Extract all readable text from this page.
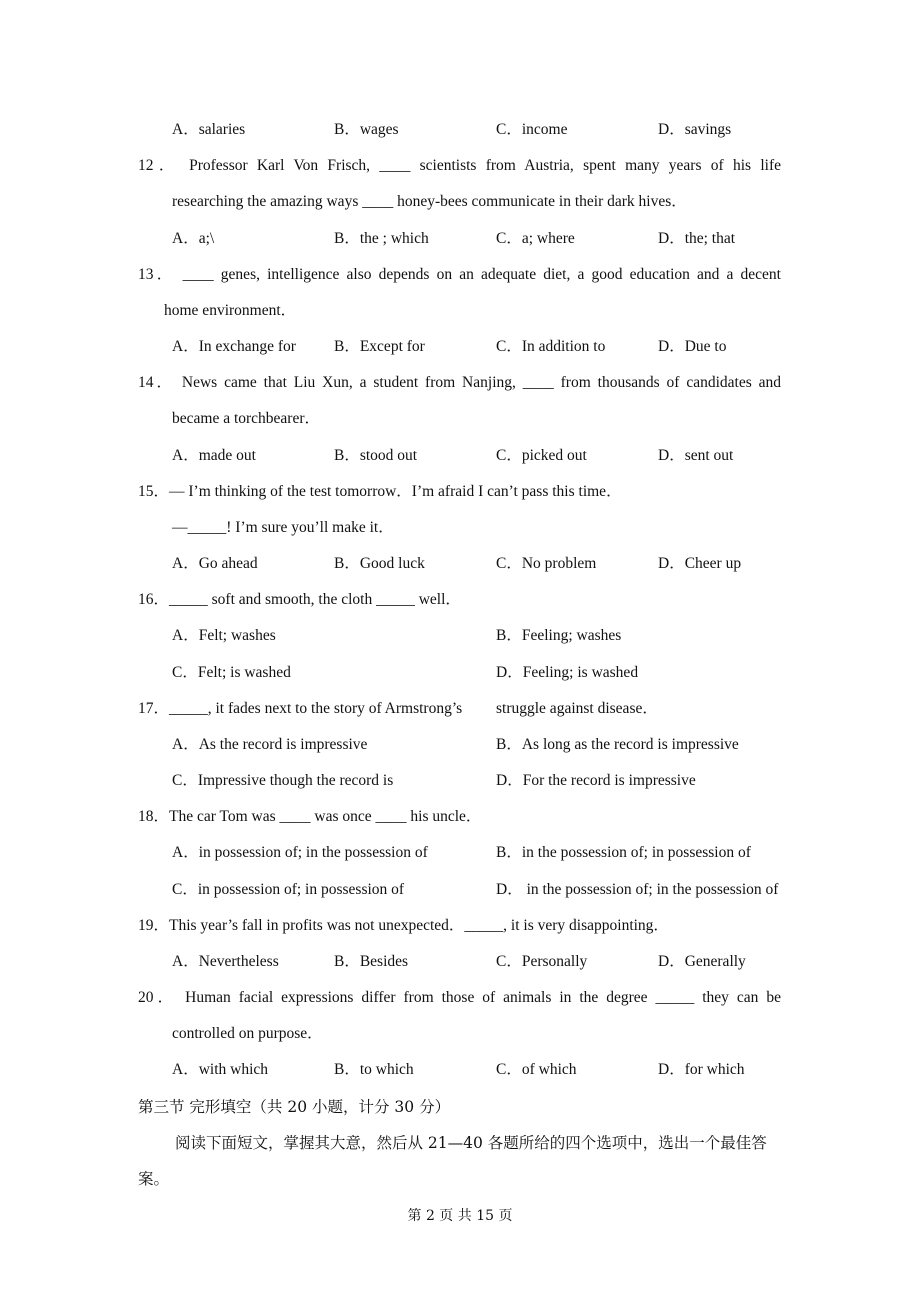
A．salaries	B．wages	C．income	D．savings
12． Professor Karl Von Frisch, ____ scientists from Austria, spent many years of his life
researching the amazing ways ____ honey-bees communicate in their dark hives．
A．a;\	B．the ; which	C．a; where	D．the; that
13． ____ genes, intelligence also depends on an adequate diet, a good education and a decent
home environment．
A．In exchange for B．Except for	C．In addition to	D．Due to
14． News came that Liu Xun, a student from Nanjing, ____ from thousands of candidates and
became a torchbearer．
A．made out	B．stood out	C．picked out	D．sent out
15．— I’m thinking of the test tomorrow．I’m afraid I can’t pass this time．
—_____! I’m sure you’ll make it．
A．Go ahead	B．Good luck	C．No problem	D．Cheer up
16．_____ soft and smooth, the cloth _____ well．
A．Felt; washes	B．Feeling; washes
C．Felt; is washed	D．Feeling; is washed
17．_____, it fades next to the story of Armstrong’s struggle against disease．
A．As the record is impressive	B．As long as the record is impressive
C．Impressive though the record is	D．For the record is impressive
18．The car Tom was ____ was once ____ his uncle．
A．in possession of; in the possession of	B．in the possession of; in possession of
C．in possession of; in possession of	D． in the possession of; in the possession of
19．This year’s fall in profits was not unexpected．_____, it is very disappointing．
A．Nevertheless	B．Besides	C．Personally	D．Generally
20． Human facial expressions differ from those of animals in the degree _____ they can be
controlled on purpose．
A．with which	B．to which	C．of which	D．for which
第三节 完形填空（共 20 小题，计分 30 分）
阅读下面短文，掌握其大意，然后从 21—40 各题所给的四个选项中，选出一个最佳答
案。
第 2 页 共 15 页
